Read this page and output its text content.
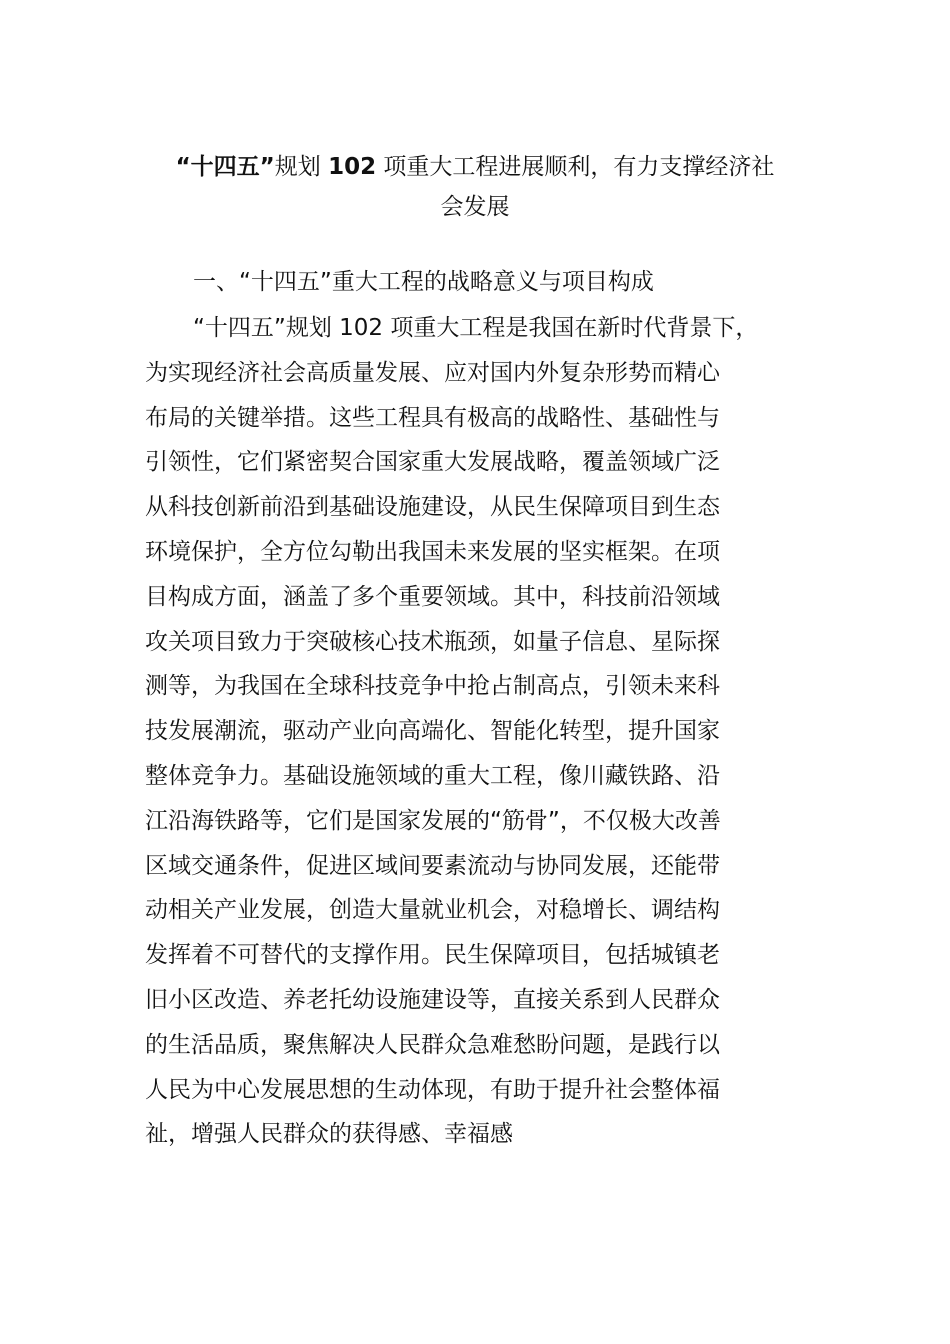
“十四五”规划 102 项重大工程进展顺利，有力支撑经济社
会发展
一、“十四五”重大工程的战略意义与项目构成
“十四五”规划 102 项重大工程是我国在新时代背景下，
为实现经济社会高质量发展、应对国内外复杂形势而精心
布局的关键举措。这些工程具有极高的战略性、基础性与
引领性，它们紧密契合国家重大发展战略，覆盖领域广泛
从科技创新前沿到基础设施建设，从民生保障项目到生态
环境保护，全方位勾勒出我国未来发展的坚实框架。在项
目构成方面，涵盖了多个重要领域。其中，科技前沿领域
攻关项目致力于突破核心技术瓶颈，如量子信息、星际探
测等，为我国在全球科技竞争中抢占制高点，引领未来科
技发展潮流，驱动产业向高端化、智能化转型，提升国家
整体竞争力。基础设施领域的重大工程，像川藏铁路、沿
江沿海铁路等，它们是国家发展的“筋骨”，不仅极大改善
区域交通条件，促进区域间要素流动与协同发展，还能带
动相关产业发展，创造大量就业机会，对稳增长、调结构
发挥着不可替代的支撑作用。民生保障项目，包括城镇老
旧小区改造、养老托幼设施建设等，直接关系到人民群众
的生活品质，聚焦解决人民群众急难愁盼问题，是践行以
人民为中心发展思想的生动体现，有助于提升社会整体福
祉，增强人民群众的获得感、幸福感
